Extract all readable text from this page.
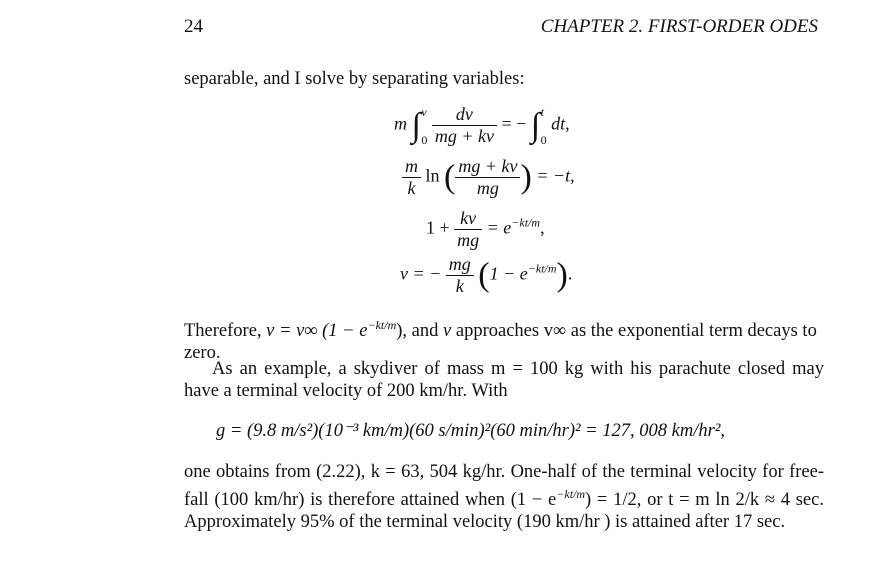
24	CHAPTER 2. FIRST-ORDER ODES
separable, and I solve by separating variables:
m ∫ v

$0 \frac{dv}{mg + kv}$ = − ∫ t

0 dt,
$\frac{m}{k}$ ln ( $\frac{mg + kv}{mg}$ ) = −t,
$1 + \frac{kv}{mg} = e^{-kt/m}$,
v = − $\frac{mg}{k} (1 - e^{-kt/m})$.
Therefore, v = v∞ $(1 - e^{-kt/m})$, and v approaches v∞ as the exponential term decays to zero.
As an example, a skydiver of mass m = 100 kg with his parachute closed may have a terminal velocity of 200 km/hr. With
g = (9.8 m/s²)(10⁻³ km/m)(60 s/min)²(60 min/hr)² = 127, 008 km/hr²,
one obtains from (2.22), k = 63, 504 kg/hr. One-half of the terminal velocity for free-fall (100 km/hr) is therefore attained when $(1 - e^{-kt/m}) = 1/2$, or t = m ln 2/k ≈ 4 sec. Approximately 95% of the terminal velocity (190 km/hr ) is attained after 17 sec.
